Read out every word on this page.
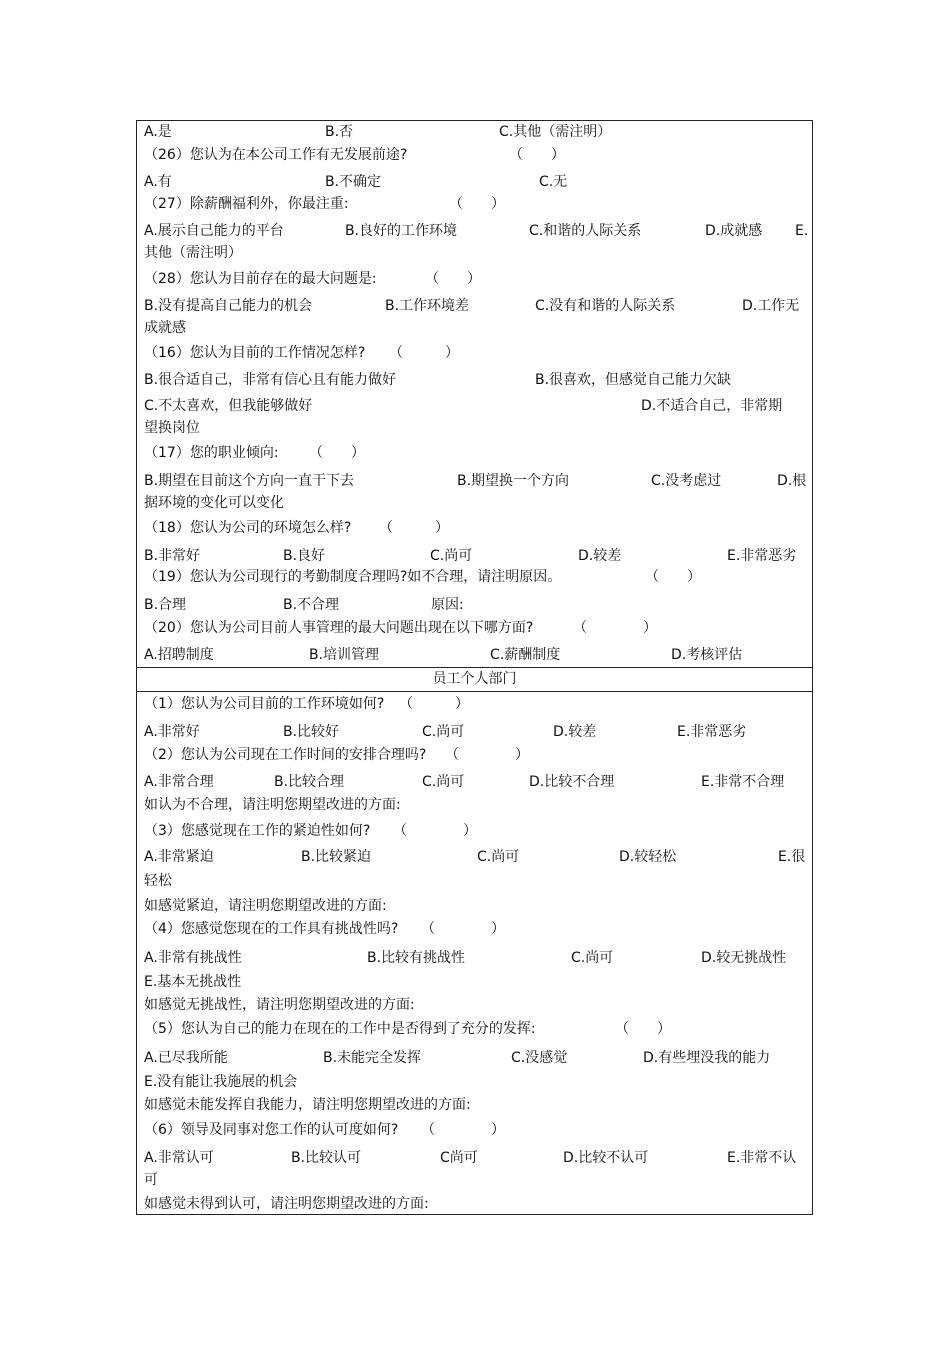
A.是	B.否	C.其他（需注明）
（26）您认为在本公司工作有无发展前途?	（　　）
A.有	B.不确定	C.无
（27）除薪酬福利外，你最注重:	（　　）
A.展示自己能力的平台	B.良好的工作环境	C.和谐的人际关系	D.成就感 E.
其他（需注明）
（28）您认为目前存在的最大问题是:	（　　）
B.没有提高自己能力的机会	B.工作环境差	C.没有和谐的人际关系	D.工作无
成就感
（16）您认为目前的工作情况怎样? （　　　）
B.很合适自己，非常有信心且有能力做好	B.很喜欢，但感觉自己能力欠缺
C.不太喜欢，但我能够做好	D.不适合自己，非常期
望换岗位
（17）您的职业倾向: （　　）
B.期望在目前这个方向一直干下去	B.期望换一个方向	C.没考虑过	D.根
据环境的变化可以变化
（18）您认为公司的环境怎么样? （　　　）
B.非常好	B.良好	C.尚可	D.较差	E.非常恶劣
（19）您认为公司现行的考勤制度合理吗?如不合理，请注明原因。	（　　）
B.合理	B.不合理	原因:
（20）您认为公司目前人事管理的最大问题出现在以下哪方面?	（　　　　）
A.招聘制度	B.培训管理	C.薪酬制度	D.考核评估
员工个人部门
（1）您认为公司目前的工作环境如何? （　　　）
A.非常好	B.比较好	C.尚可	D.较差	E.非常恶劣
（2）您认为公司现在工作时间的安排合理吗? （　　　　）
A.非常合理	B.比较合理	C.尚可	D.比较不合理	E.非常不合理
如认为不合理，请注明您期望改进的方面:
（3）您感觉现在工作的紧迫性如何? （　　　　）
A.非常紧迫	B.比较紧迫	C.尚可	D.较轻松	E.很
轻松
如感觉紧迫，请注明您期望改进的方面:
（4）您感觉您现在的工作具有挑战性吗? （　　　　）
A.非常有挑战性	B.比较有挑战性	C.尚可	D.较无挑战性
E.基本无挑战性
如感觉无挑战性，请注明您期望改进的方面:
（5）您认为自己的能力在现在的工作中是否得到了充分的发挥:	（　　）
A.已尽我所能	B.未能完全发挥	C.没感觉	D.有些埋没我的能力
E.没有能让我施展的机会
如感觉未能发挥自我能力，请注明您期望改进的方面:
（6）领导及同事对您工作的认可度如何? （　　　　）
A.非常认可	B.比较认可	C尚可	D.比较不认可	E.非常不认
可
如感觉未得到认可，请注明您期望改进的方面:
